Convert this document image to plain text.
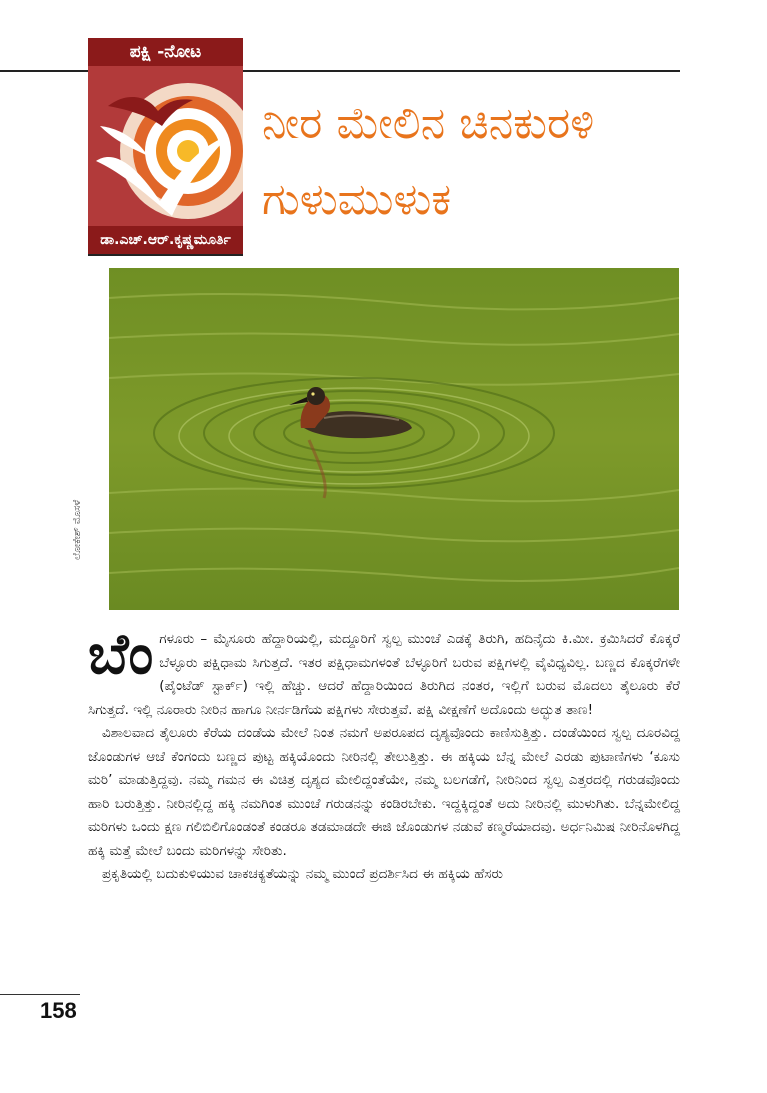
ಪಕ್ಷಿ -ನೋಟ
ಡಾ.ಎಚ್.ಆರ್.ಕೃಷ್ಣಮೂರ್ತಿ
ನೀರ ಮೇಲಿನ ಚಿನಕುರಳಿ
ಗುಳುಮುಳುಕ
ಲೋಕೇಶ್ ಮೊಸಳೆ

ಬೆಂಗಳೂರು – ಮೈಸೂರು ಹೆದ್ದಾರಿಯಲ್ಲಿ, ಮದ್ದೂರಿಗೆ ಸ್ವಲ್ಪ ಮುಂಚೆ ಎಡಕ್ಕೆ ತಿರುಗಿ, ಹದಿನೈದು ಕಿ.ಮೀ. ಕ್ರಮಿಸಿದರೆ ಕೊಕ್ಕರೆ ಬೆಳ್ಳೂರು ಪಕ್ಷಿಧಾಮ ಸಿಗುತ್ತದೆ. ಇತರ ಪಕ್ಷಿಧಾಮಗಳಂತೆ ಬೆಳ್ಳೂರಿಗೆ ಬರುವ ಪಕ್ಷಿಗಳಲ್ಲಿ ವೈವಿಧ್ಯವಿಲ್ಲ. ಬಣ್ಣದ ಕೊಕ್ಕರೆಗಳೇ (ಪೈಂಟೆಡ್ ಸ್ಟಾರ್ಕ್) ಇಲ್ಲಿ ಹೆಚ್ಚು. ಆದರೆ ಹೆದ್ದಾರಿಯಿಂದ ತಿರುಗಿದ ನಂತರ, ಇಲ್ಲಿಗೆ ಬರುವ ಮೊದಲು ತೈಲೂರು ಕೆರೆ ಸಿಗುತ್ತದೆ. ಇಲ್ಲಿ ನೂರಾರು ನೀರಿನ ಹಾಗೂ ನೀರ್ನಡಿಗೆಯ ಪಕ್ಷಿಗಳು ಸೇರುತ್ತವೆ. ಪಕ್ಷಿ ವೀಕ್ಷಣೆಗೆ ಅದೊಂದು ಅದ್ಭುತ ತಾಣ!

ವಿಶಾಲವಾದ ತೈಲೂರು ಕೆರೆಯ ದಂಡೆಯ ಮೇಲೆ ನಿಂತ ನಮಗೆ ಅಪರೂಪದ ದೃಶ್ಯವೊಂದು ಕಾಣಿಸುತ್ತಿತ್ತು. ದಂಡೆಯಿಂದ ಸ್ವಲ್ಪ ದೂರವಿದ್ದ ಜೊಂಡುಗಳ ಆಚೆ ಕೆಂಗಂದು ಬಣ್ಣದ ಪುಟ್ಟ ಹಕ್ಕಿಯೊಂದು ನೀರಿನಲ್ಲಿ ತೇಲುತ್ತಿತ್ತು. ಈ ಹಕ್ಕಿಯ ಬೆನ್ನ ಮೇಲೆ ಎರಡು ಪುಟಾಣಿಗಳು ‘ಕೂಸು ಮರಿ’ ಮಾಡುತ್ತಿದ್ದವು. ನಮ್ಮ ಗಮನ ಈ ವಿಚಿತ್ರ ದೃಶ್ಯದ ಮೇಲಿದ್ದಂತೆಯೇ, ನಮ್ಮ ಬಲಗಡೆಗೆ, ನೀರಿನಿಂದ ಸ್ವಲ್ಪ ಎತ್ತರದಲ್ಲಿ ಗರುಡವೊಂದು ಹಾರಿ ಬರುತ್ತಿತ್ತು. ನೀರಿನಲ್ಲಿದ್ದ ಹಕ್ಕಿ ನಮಗಿಂತ ಮುಂಚೆ ಗರುಡನನ್ನು ಕಂಡಿರಬೇಕು. ಇದ್ದಕ್ಕಿದ್ದಂತೆ ಅದು ನೀರಿನಲ್ಲಿ ಮುಳುಗಿತು. ಬೆನ್ನಮೇಲಿದ್ದ ಮರಿಗಳು ಒಂದು ಕ್ಷಣ ಗಲಿಬಿಲಿಗೊಂಡಂತೆ ಕಂಡರೂ ತಡಮಾಡದೇ ಈಜಿ ಜೊಂಡುಗಳ ನಡುವೆ ಕಣ್ಮರೆಯಾದವು. ಅರ್ಧನಿಮಿಷ ನೀರಿನೊಳಗಿದ್ದ ಹಕ್ಕಿ ಮತ್ತೆ ಮೇಲೆ ಬಂದು ಮರಿಗಳನ್ನು ಸೇರಿತು.

ಪ್ರಕೃತಿಯಲ್ಲಿ ಬದುಕುಳಿಯುವ ಚಾಕಚಕ್ಯತೆಯನ್ನು ನಮ್ಮ ಮುಂದೆ ಪ್ರದರ್ಶಿಸಿದ ಈ ಹಕ್ಕಿಯ ಹೆಸರು

158
